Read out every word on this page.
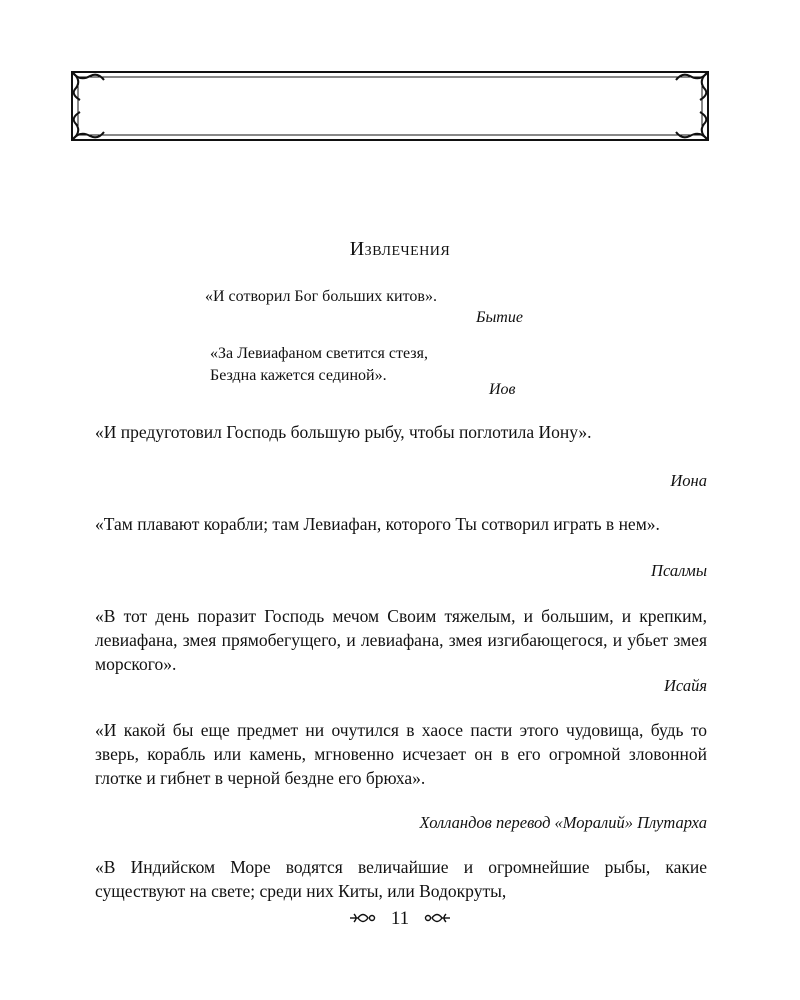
Извлечения
«И сотворил Бог больших китов».
Бытие
«За Левиафаном светится стезя,
Бездна кажется сединой».
Иов
«И предуготовил Господь большую рыбу, чтобы поглотила Иону».
Иона
«Там плавают корабли; там Левиафан, которого Ты сотворил играть в нем».
Псалмы
«В тот день поразит Господь мечом Своим тяжелым, и большим, и крепким, левиафана, змея прямобегущего, и левиафана, змея изгибающегося, и убьет змея морского».
Исайя
«И какой бы еще предмет ни очутился в хаосе пасти этого чудовища, будь то зверь, корабль или камень, мгновенно исчезает он в его огромной зловонной глотке и гибнет в черной бездне его брюха».
Холландов перевод «Моралий» Плутарха
«В Индийском Море водятся величайшие и огромнейшие рыбы, какие существуют на свете; среди них Киты, или Водокруты,
11
